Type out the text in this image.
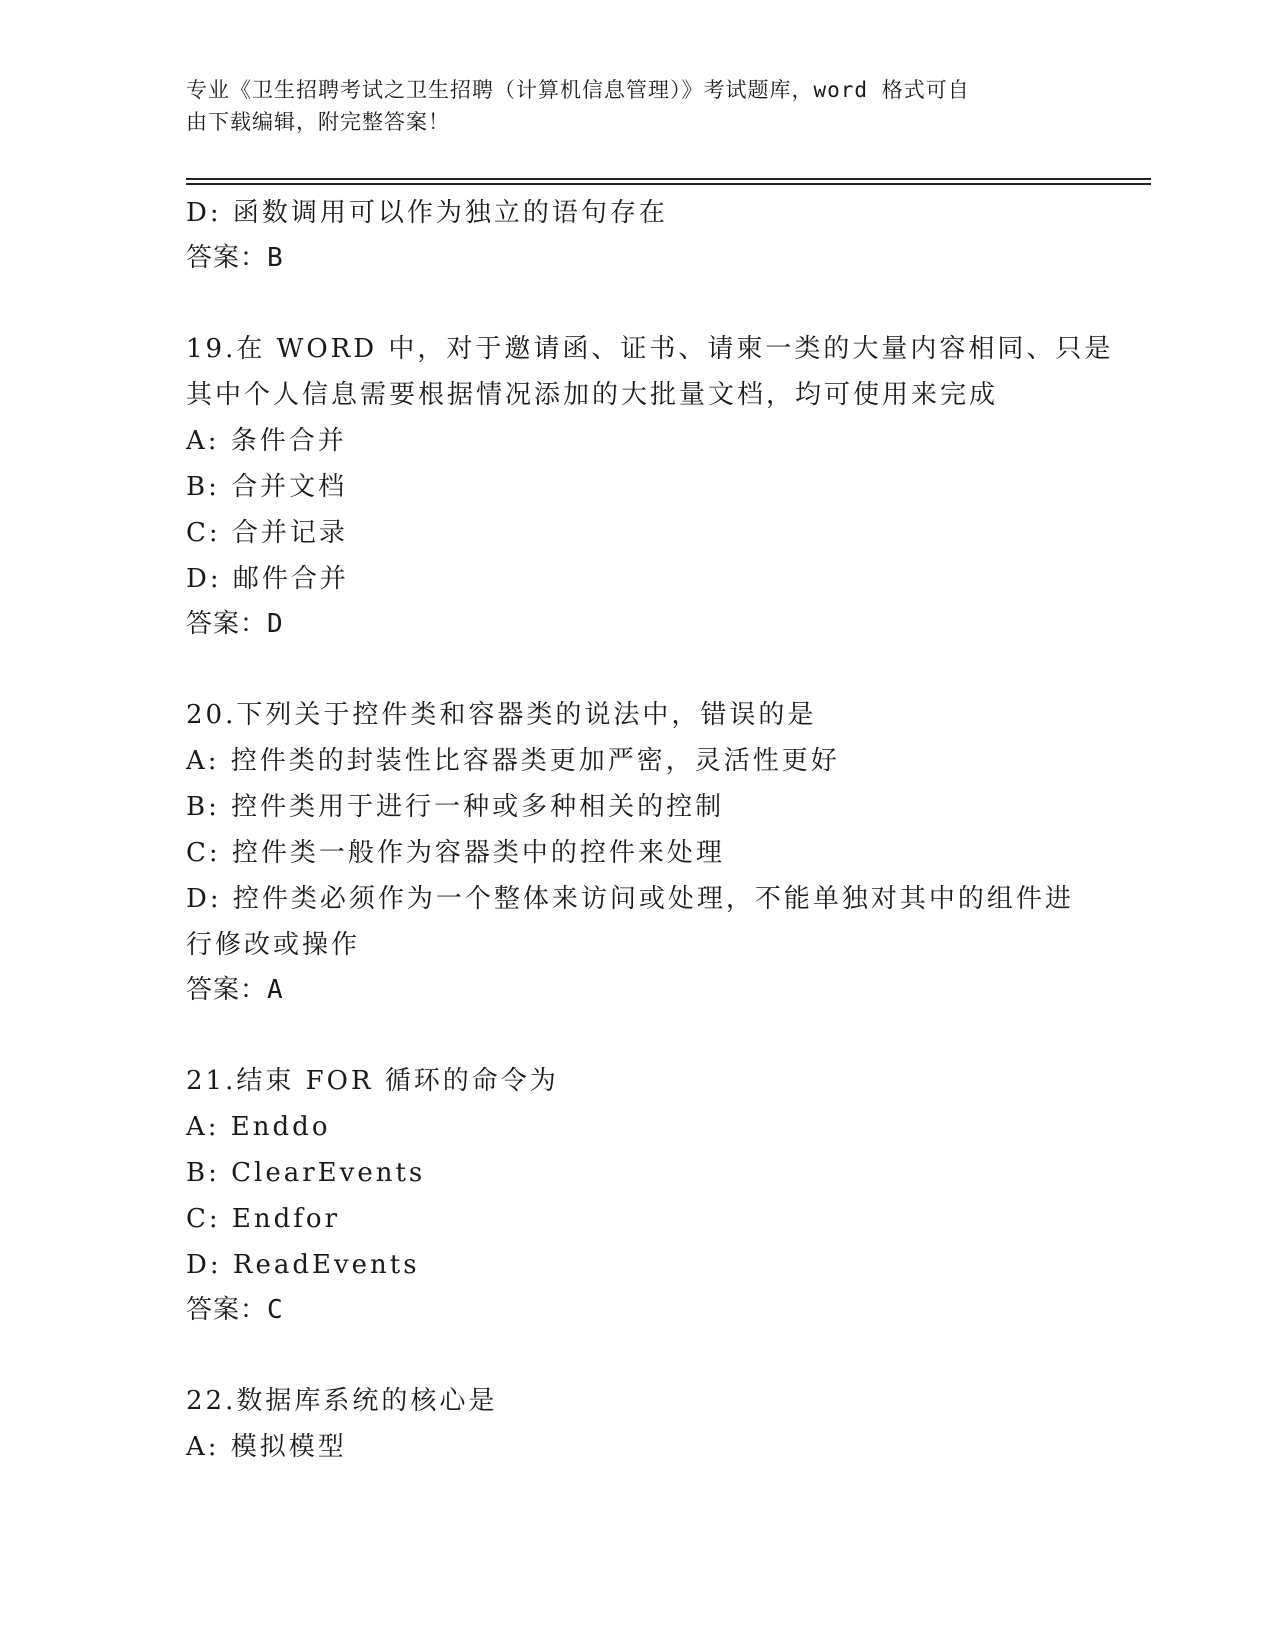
专业《卫生招聘考试之卫生招聘（计算机信息管理）》考试题库，word 格式可自
由下载编辑，附完整答案！
D: 函数调用可以作为独立的语句存在
答案：B
19.在 WORD 中，对于邀请函、证书、请柬一类的大量内容相同、只是
其中个人信息需要根据情况添加的大批量文档，均可使用来完成
A: 条件合并
B: 合并文档
C: 合并记录
D: 邮件合并
答案：D
20.下列关于控件类和容器类的说法中，错误的是
A: 控件类的封装性比容器类更加严密，灵活性更好
B: 控件类用于进行一种或多种相关的控制
C: 控件类一般作为容器类中的控件来处理
D: 控件类必须作为一个整体来访问或处理，不能单独对其中的组件进
行修改或操作
答案：A
21.结束 FOR 循环的命令为
A: Enddo
B: ClearEvents
C: Endfor
D: ReadEvents
答案：C
22.数据库系统的核心是
A: 模拟模型
